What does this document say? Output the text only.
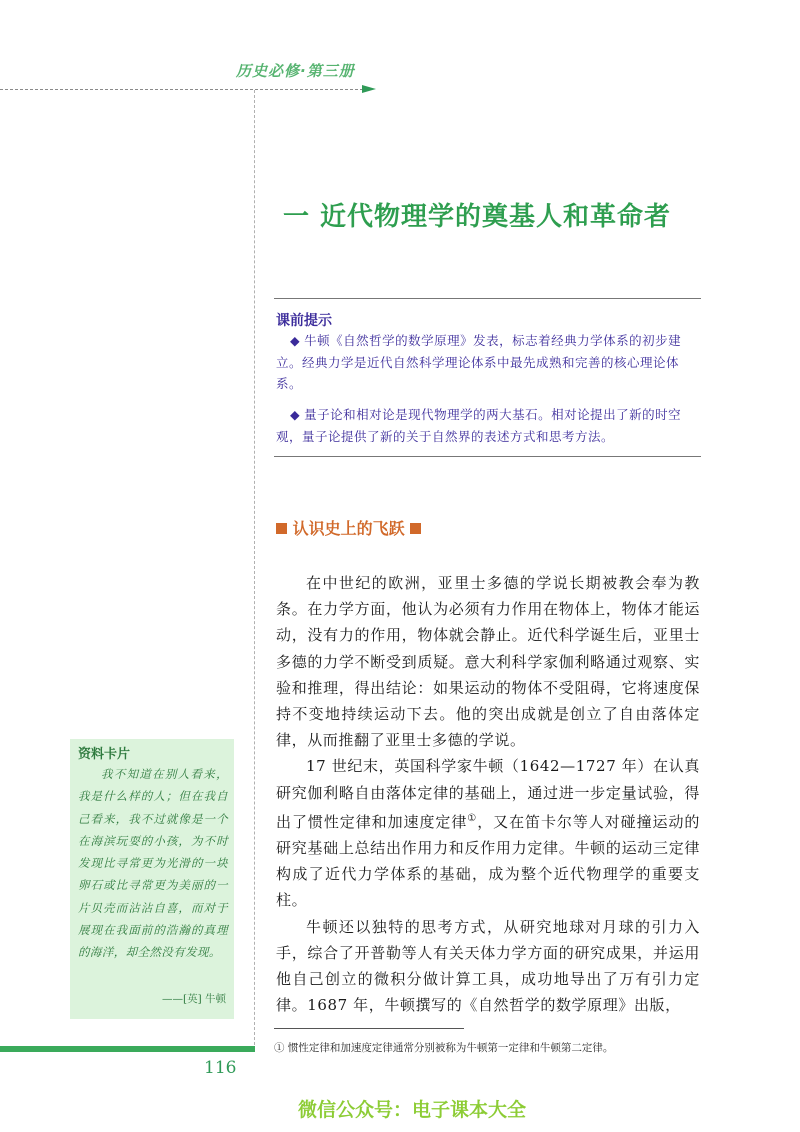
历史必修·第三册
一 近代物理学的奠基人和革命者
课前提示

◆ 牛顿《自然哲学的数学原理》发表，标志着经典力学体系的初步建立。经典力学是近代自然科学理论体系中最先成熟和完善的核心理论体系。

◆ 量子论和相对论是现代物理学的两大基石。相对论提出了新的时空观，量子论提供了新的关于自然界的表述方式和思考方法。

认识史上的飞跃

在中世纪的欧洲，亚里士多德的学说长期被教会奉为教条。在力学方面，他认为必须有力作用在物体上，物体才能运动，没有力的作用，物体就会静止。近代科学诞生后，亚里士多德的力学不断受到质疑。意大利科学家伽利略通过观察、实验和推理，得出结论：如果运动的物体不受阻碍，它将速度保持不变地持续运动下去。他的突出成就是创立了自由落体定律，从而推翻了亚里士多德的学说。

17 世纪末，英国科学家牛顿（1642—1727 年）在认真研究伽利略自由落体定律的基础上，通过进一步定量试验，得出了惯性定律和加速度定律①，又在笛卡尔等人对碰撞运动的研究基础上总结出作用力和反作用力定律。牛顿的运动三定律构成了近代力学体系的基础，成为整个近代物理学的重要支柱。

牛顿还以独特的思考方式，从研究地球对月球的引力入手，综合了开普勒等人有关天体力学方面的研究成果，并运用他自己创立的微积分做计算工具，成功地导出了万有引力定律。1687 年，牛顿撰写的《自然哲学的数学原理》出版，

资料卡片

我不知道在别人看来，我是什么样的人；但在我自己看来，我不过就像是一个在海滨玩耍的小孩，为不时发现比寻常更为光滑的一块卵石或比寻常更为美丽的一片贝壳而沾沾自喜，而对于展现在我面前的浩瀚的真理的海洋，却全然没有发现。

——[英] 牛顿
① 惯性定律和加速度定律通常分别被称为牛顿第一定律和牛顿第二定律。
116
微信公众号：电子课本大全
